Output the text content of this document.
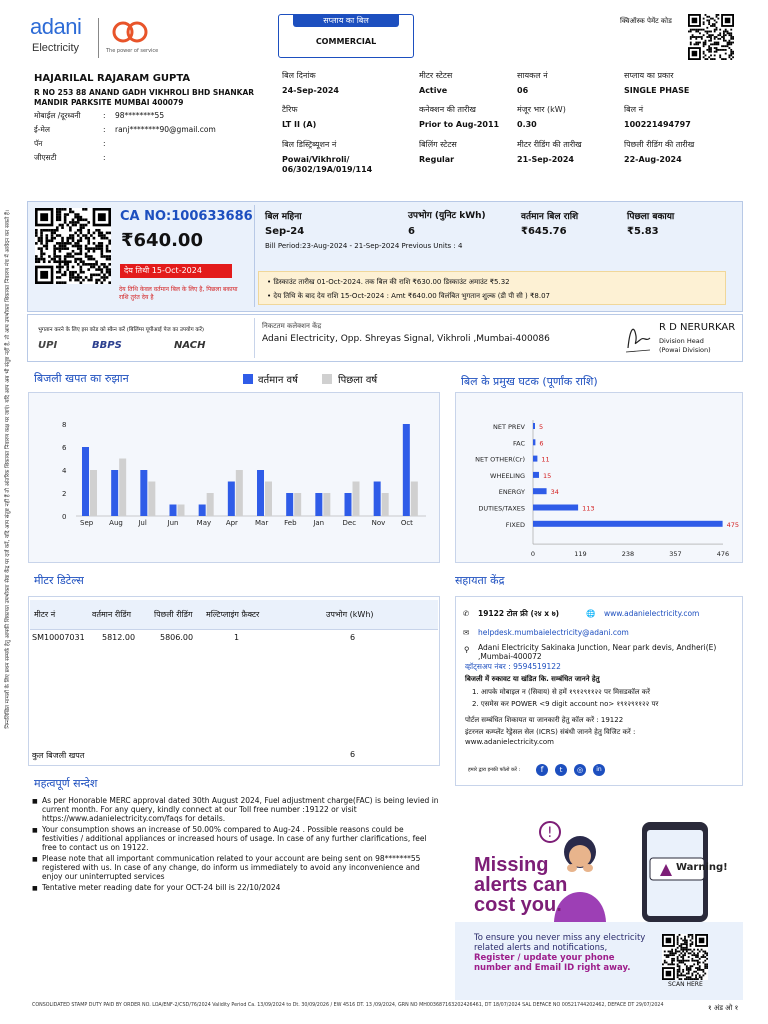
निम्नलिखित मामलों के लिए प्रथम सम्पर्क हेतु आपकी शिकायत उपभोक्ता सेवा केंद्र पर दर्ज करें, यदि आप संतुष्ट नहीं हैं तो आंतरिक शिकायत निवारण कक्ष पर जाएं। यदि आप अब भी संतुष्ट नहीं हैं, तो आप उपभोक्ता शिकायत निवारण मंच में आवेदन कर सकते हैं।
adani
Electricity	The power of service
सप्लाय का बिल
COMMERCIAL
क्विऑस्क पेमेंट कोड
HAJARILAL RAJARAM GUPTA
R NO 253 88 ANAND GADH VIKHROLI BHD SHANKAR MANDIR PARKSITE MUMBAI 400079
मोबाईल /दूरध्वनी	: 98********55
ई-मेल	: ranj********90@gmail.com
पॅन	:
जीएसटी	:
बिल दिनांक
24-Sep-2024
मीटर स्टेटस
Active
सायकल नं
06
सप्लाय का प्रकार
SINGLE PHASE
टैरिफ
LT II (A)
कनेक्शन की तारीख
Prior to Aug-2011
मंजूर भार (kW)
0.30
बिल नं
100221494797
बिल डिस्ट्रिब्यूशन नं
Powai/Vikhroli/ 06/302/19A/019/114
बिलिंग स्टेटस
Regular
मीटर रीडिंग की तारीख
21-Sep-2024
पिछली रीडिंग की तारीख
22-Aug-2024
CA NO:100633686
₹640.00
देय तिथी 15-Oct-2024
देय तिथि केवल वर्तमान बिल के लिए है, पिछला बकाया राशि तुरंत देय है
बिल महिना
Sep-24
उपभोग (युनिट kWh)
6
वर्तमान बिल राशि
₹645.76
पिछला बकाया
₹5.83
Bill Period:23-Aug-2024 - 21-Sep-2024 Previous Units : 4
• डिस्काउंट तारीख 01-Oct-2024. तक बिल की राशि ₹630.00 डिस्काउंट अमाउंट ₹5.32
• देय तिथि के बाद देय राशि 15-Oct-2024 : Amt ₹640.00 विलंबित भुगतान शुल्क (डी पी सी ) ₹8.07
भुगतान करने के लिए इस कोड को स्कैन करें (बिलिंग्स यूपीआई पेज का उपयोग करें)
UPI	BBPS	NACH
निकटतम कलेक्शन केंद्र
Adani Electricity, Opp. Shreyas Signal, Vikhroli ,Mumbai-400086
R D NERURKAR
Division Head
(Powai Division)
बिजली खपत का रुझान	वर्तमान वर्ष	पिछला वर्ष
0
2
4
6
8
Sep Aug Jul	Jun	May Apr Mar Feb Jan	Dec Nov Oct
बिल के प्रमुख घटक (पूर्णांक राशि)
NET PREV 5
FAC 6
NET OTHER(Cr)	11
WHEELING	15
ENERGY	34
DUTIES/TAXES	113
FIXED	475
0	119	238	357	476
मीटर डिटेल्स
मीटर नं	वर्तमान रीडिंग	पिछली रीडिंग मल्टिप्लाइंग फ़ैक्टर	उपभोग (kWh)
SM10007031 5812.00	5806.00	1	6
कुल बिजली खपत	6
सहायता केंद्र
✆ 19122 टोल फ्री (२४ x ७)	🌐 www.adanielectricity.com
✉ helpdesk.mumbaielectricity@adani.com
⚲ Adani Electricity Sakinaka Junction, Near park devis, Andheri(E) ,Mumbai-400072
व्हॉट्सअप नंबर : 9594519122
बिजली में रुकावट या खंडित कि. सम्बंधित जानने हेतु
1. आपके मोबाइल न (सिवाय) से हमें १९१२९११२२ पर मिसडकॉल करें
2. एसमेस कर POWER <9 digit account no> १९१२९११२२ पर
पोर्टल सम्बंधित शिकायत या जानकारी हेतु कॉल करें : 19122
इंटरनल कम्प्लेंट रेड्रेसल सेल (ICRS) संबंधी जानने हेतु विजिट करें :
www.adanielectricity.com
हमारे द्वारा इनकी फॉलो करें :	f	t	◎	in
महत्वपूर्ण सन्देश
■ As per Honorable MERC approval dated 30th August 2024, Fuel adjustment charge(FAC) is being levied in current month. For any query, kindly connect at our Toll free number :19122 or visit https://www.adanielectricity.com/faqs for details.
■ Your consumption shows an increase of 50.00% compared to Aug-24 . Possible reasons could be festivities / additional appliances or increased hours of usage. In case of any further clarifications, feel free to contact us on 19122.
■ Please note that all important communication related to your account are being sent on 98*******55 registered with us. In case of any change, do inform us immediately to avoid any inconvenience and enjoy our uninterrupted services
■ Tentative meter reading date for your OCT-24 bill is 22/10/2024
!
Warning!
Missing
alerts can
cost you.
To ensure you never miss any electricity related alerts and notifications, Register / update your phone number and Email ID right away.
SCAN HERE
CONSOLIDATED STAMP DUTY PAID BY ORDER NO. LOA/ENF-2/CSD/76/2024 Validity Period Ca. 13/09/2024 to Dt. 30/09/2026 / EW 4516 DT. 13 /09/2024, GRN NO MH003687163202426461, DT 18/07/2024 SAL DEFACE NO 00521744202462, DEFACE DT 29/07/2024	१ अंड ओ १
